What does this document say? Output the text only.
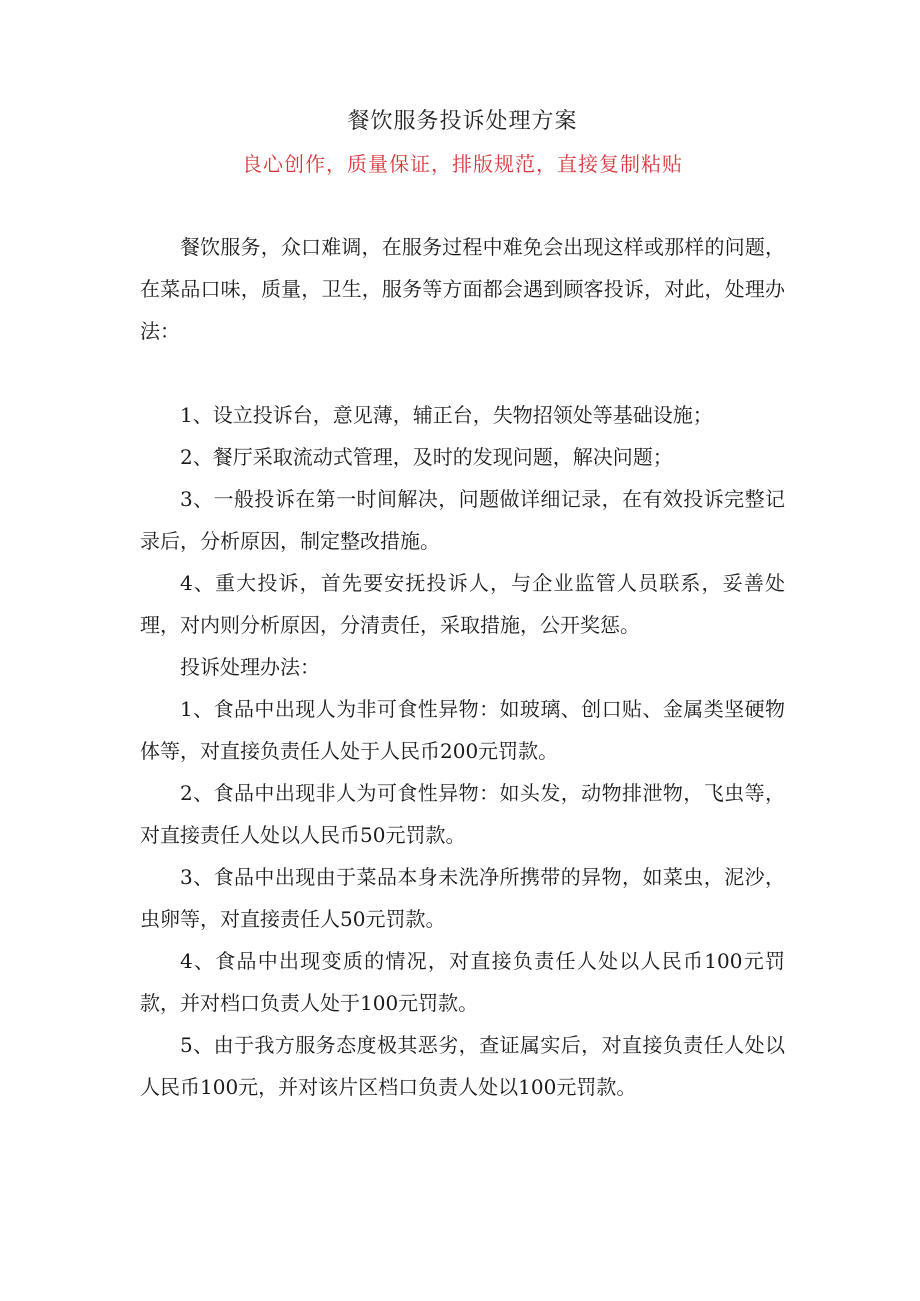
餐饮服务投诉处理方案
良心创作，质量保证，排版规范，直接复制粘贴

餐饮服务，众口难调，在服务过程中难免会出现这样或那样的问题，在菜品口味，质量，卫生，服务等方面都会遇到顾客投诉，对此，处理办法：

1、设立投诉台，意见薄，辅正台，失物招领处等基础设施；

2、餐厅采取流动式管理，及时的发现问题，解决问题；

3、一般投诉在第一时间解决，问题做详细记录，在有效投诉完整记录后，分析原因，制定整改措施。

4、重大投诉，首先要安抚投诉人，与企业监管人员联系，妥善处理，对内则分析原因，分清责任，采取措施，公开奖惩。

投诉处理办法：

1、食品中出现人为非可食性异物：如玻璃、创口贴、金属类坚硬物体等，对直接负责任人处于人民币200元罚款。

2、食品中出现非人为可食性异物：如头发，动物排泄物，飞虫等，对直接责任人处以人民币50元罚款。

3、食品中出现由于菜品本身未洗净所携带的异物，如菜虫，泥沙，虫卵等，对直接责任人50元罚款。

4、食品中出现变质的情况，对直接负责任人处以人民币100元罚款，并对档口负责人处于100元罚款。

5、由于我方服务态度极其恶劣，查证属实后，对直接负责任人处以人民币100元，并对该片区档口负责人处以100元罚款。
